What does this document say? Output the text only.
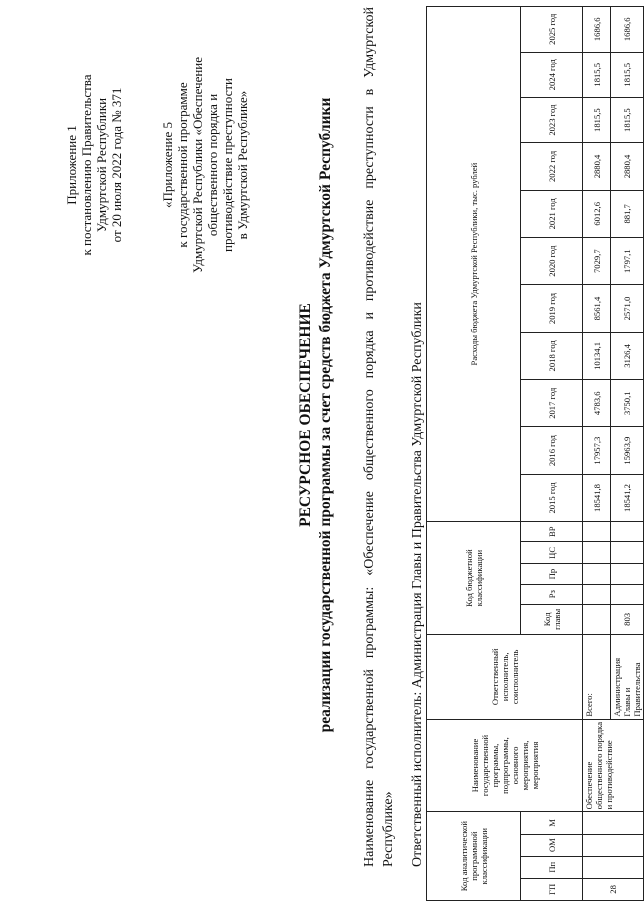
Приложение 1 к постановлению Правительства Удмуртской Республики от 20 июля 2022 года № 371	«Приложение 5 к государственной программе Удмуртской Республики «Обеспечение общественного порядка и противодействие преступности в Удмуртской Республике»
РЕСУРСНОЕ ОБЕСПЕЧЕНИЕ реализации государственной программы за счет средств бюджета Удмуртской Республики Наименование государственной программы: «Обеспечение общественного порядка и противодействие преступности в Удмуртской Республике» Ответственный исполнитель: Администрация Главы и Правительства Удмуртской Республики	Код аналитической программной классификации				Наименование государственной программы, подпрограммы, основного мероприятия, мероприятия	Ответственный исполнитель, соисполнитель	Код бюджетной классификации					Расходы бюджета Удмуртской Республики, тыс. рублей										
ГП	Пп	ОМ	М			Код главы	Рз	Пр	ЦС	ВР	2015 год	2016 год	2017 год	2018 год	2019 год	2020 год	2021 год	2022 год	2023 год	2024 год	2025 год
28				Обеспечение общественного порядка и противодействие	Всего:						18541,8	17957,3	4783,6	10134,1	8561,4	7029,7	6012,6	2880,4	1815,5	1815,5	1686,6
					Администрация Главы и Правительства	803					18541,2	15963,9	3750,1	3126,4	2571,0	1797,1	881,7	2880,4	1815,5	1815,5	1686,6
